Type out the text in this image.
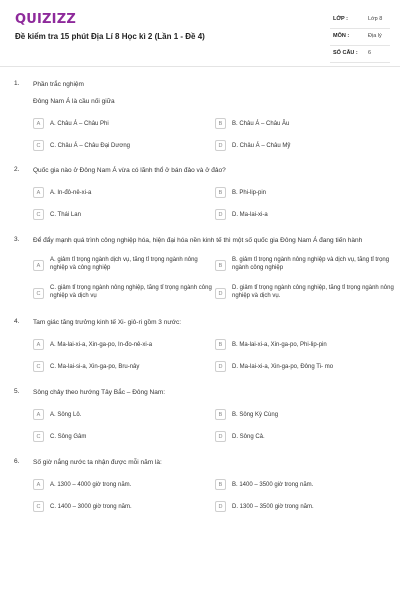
QUIZIZZ
Đề kiểm tra 15 phút Địa Lí 8 Học kì 2 (Lần 1 - Đề 4)
LỚP :	Lớp 8
MÔN :	Địa lý
SỐ CÂU : 6
1. Phần trắc nghiệm
Đông Nam Á là cầu nối giữa
A	A. Châu Á – Châu Phi	B	B. Châu Á – Châu Âu
C	C. Châu Á – Châu Đại Dương	D	D. Châu Á – Châu Mỹ
2. Quốc gia nào ở Đông Nam Á vừa có lãnh thổ ở bán đảo và ở đảo?
A	A. In-đô-nê-xi-a	B	B. Phi-lip-pin
C	C. Thái Lan	D	D. Ma-lai-xi-a
3. Để đẩy mạnh quá trình công nghiệp hóa, hiện đại hóa nền kinh tế thì một số quốc gia Đông Nam Á đang tiến hành
A
A. giảm tỉ trọng ngành dịch vụ, tăng tỉ trọng ngành nông nghiệp và công nghiệp	B
B. giảm tỉ trọng ngành nông nghiệp và dịch vụ, tăng tỉ trọng ngành công nghiệp
C
C. giảm tỉ trọng ngành nông nghiệp, tăng tỉ trọng ngành công nghiệp và dịch vụ	D
D. giảm tỉ trọng ngành công nghiệp, tăng tỉ trọng ngành nông nghiệp và dịch vụ.
4. Tam giác tăng trưởng kinh tế Xi- giô-ri gồm 3 nước:
A	A. Ma-lai-xi-a, Xin-ga-po, In-đo-nê-xi-a	B	B. Ma-lai-xi-a, Xin-ga-po, Phi-lip-pin
C	C. Ma-lai-si-a, Xin-ga-po, Bru-nây	D	D. Ma-lai-xi-a, Xin-ga-po, Đông Ti- mo
5. Sông chảy theo hướng Tây Bắc – Đông Nam:
A	A. Sông Lô.	B	B. Sông Kỳ Cùng
C	C. Sông Gâm	D	D. Sông Cả.
6. Số giờ nắng nước ta nhận được mỗi năm là:
A	A. 1300 – 4000 giờ trong năm.	B	B. 1400 – 3500 giờ trong năm.
C	C. 1400 – 3000 giờ trong năm.	D	D. 1300 – 3500 giờ trong năm.
